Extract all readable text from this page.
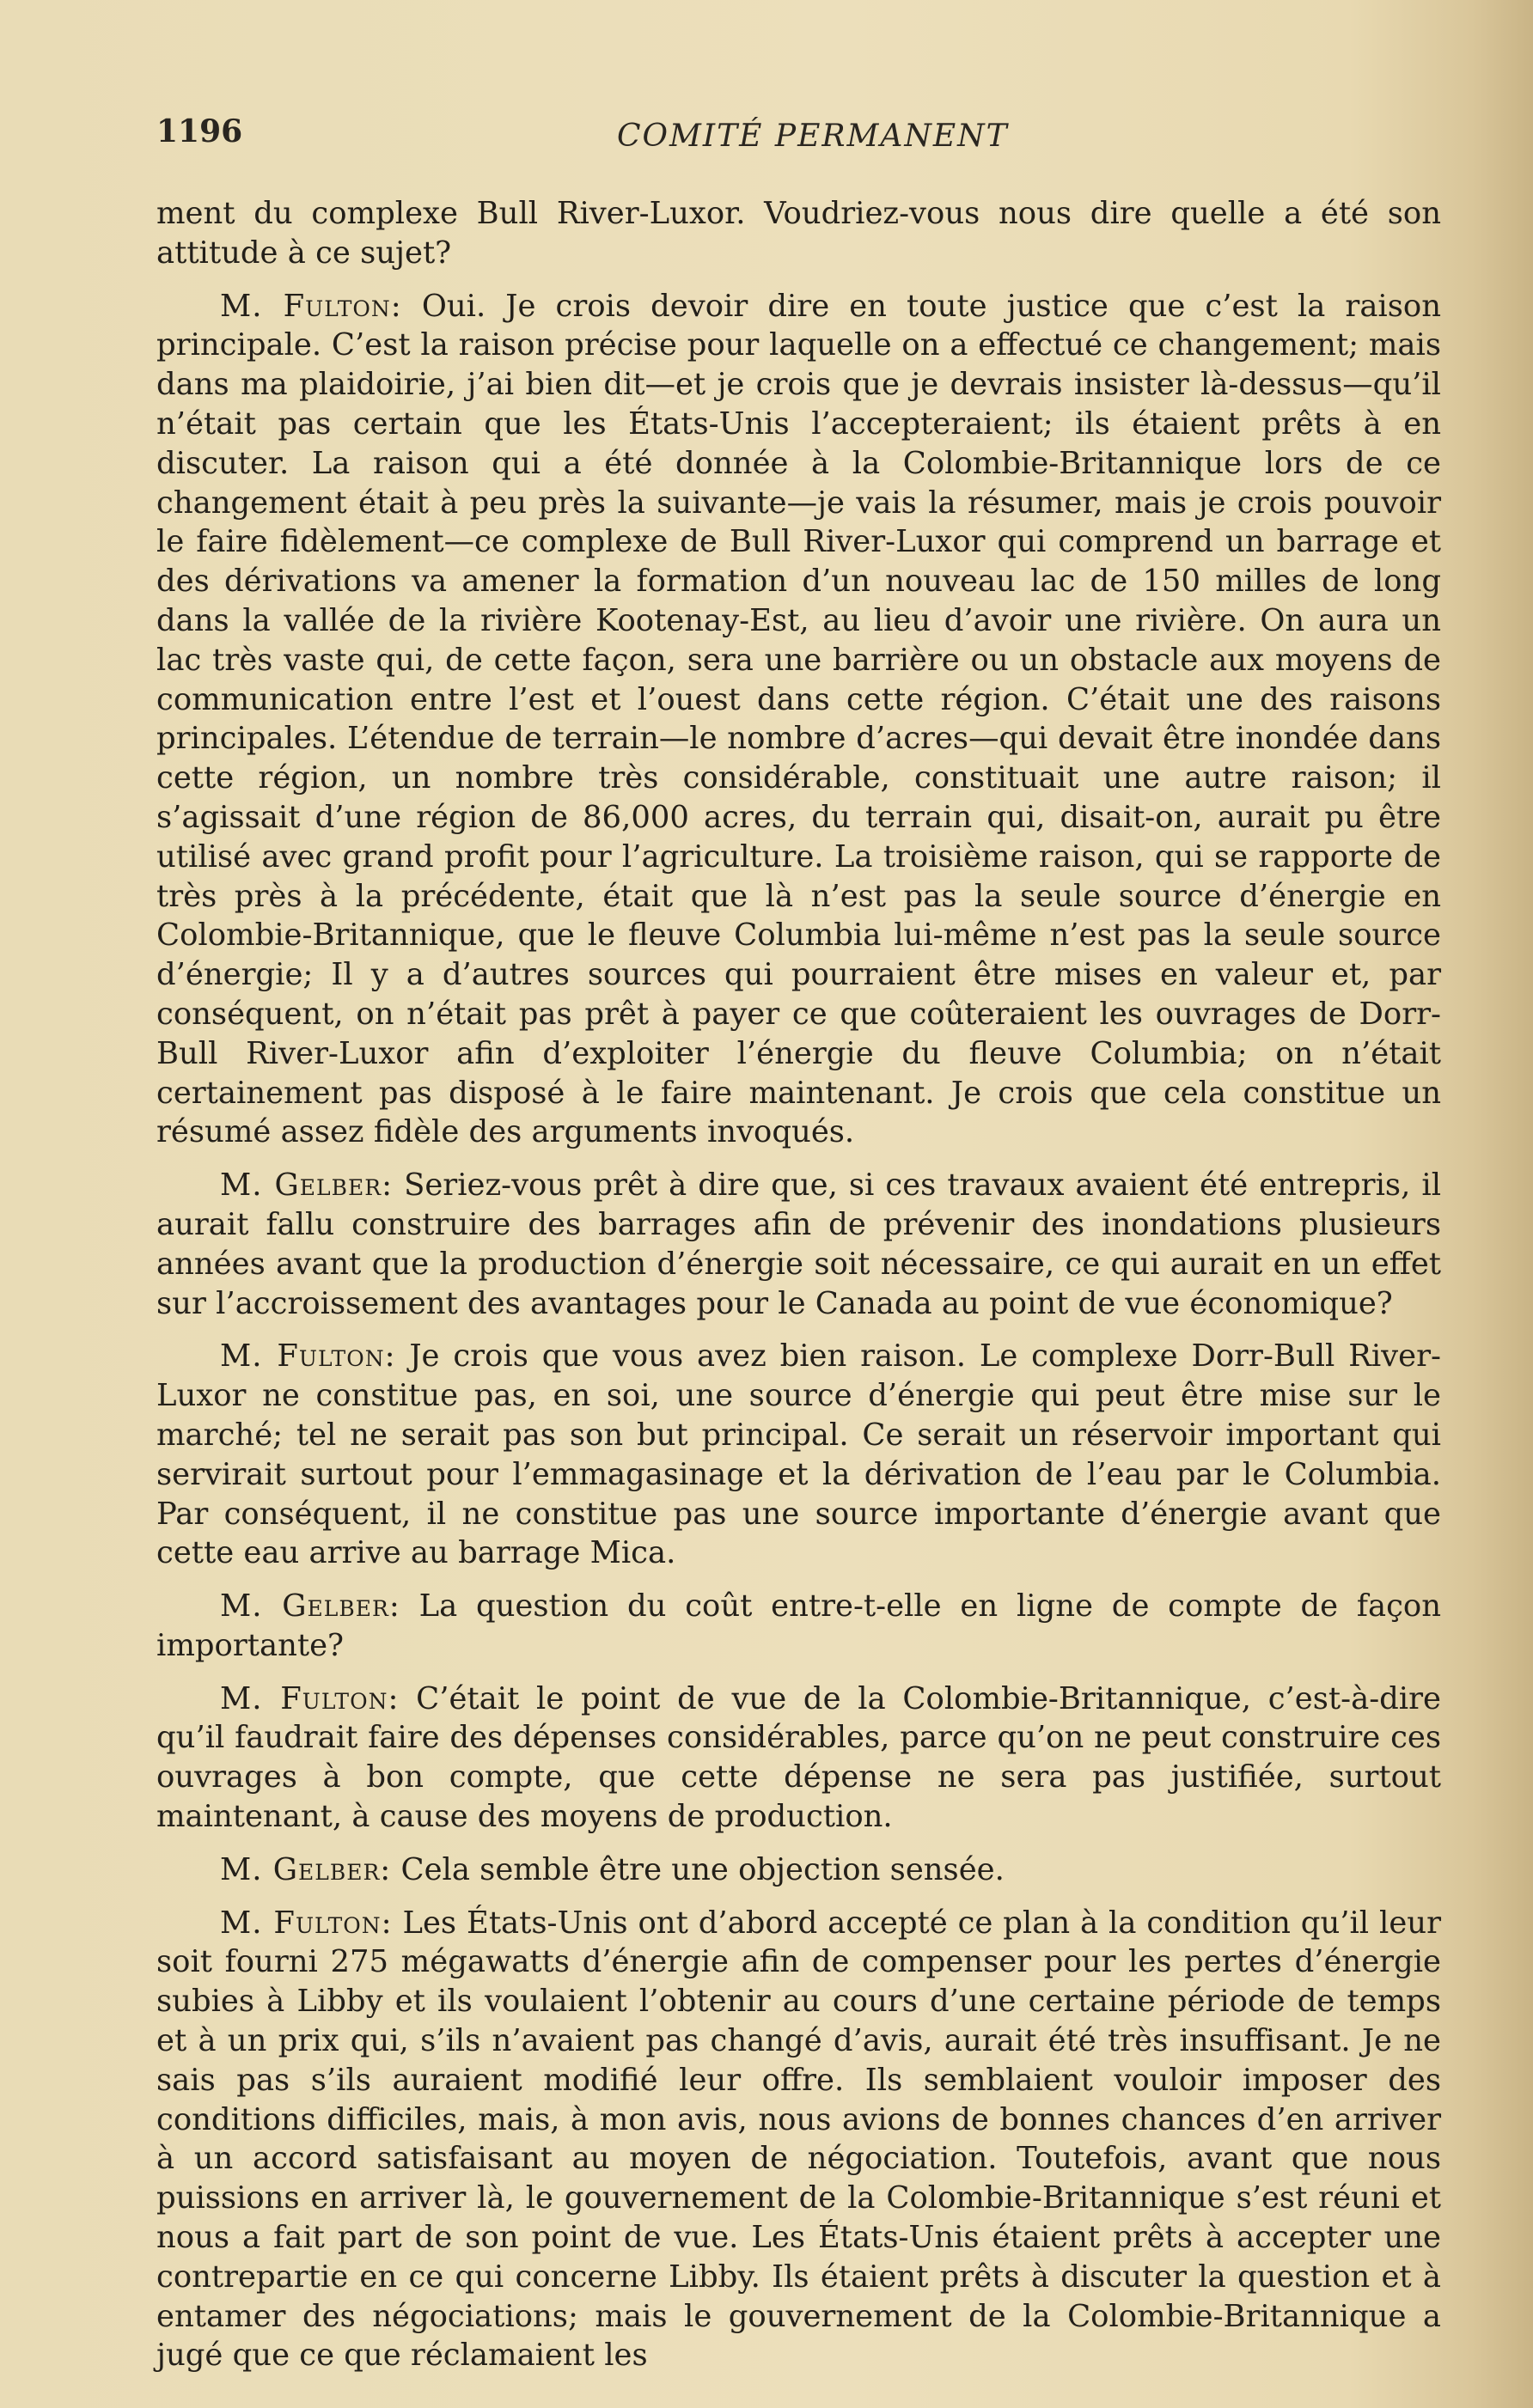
1196	COMITÉ PERMANENT

ment du complexe Bull River-Luxor. Voudriez-vous nous dire quelle a été son attitude à ce sujet?

M. Fulton: Oui. Je crois devoir dire en toute justice que c’est la raison principale. C’est la raison précise pour laquelle on a effectué ce changement; mais dans ma plaidoirie, j’ai bien dit—et je crois que je devrais insister là-dessus—qu’il n’était pas certain que les États-Unis l’accepteraient; ils étaient prêts à en discuter. La raison qui a été donnée à la Colombie-Britannique lors de ce changement était à peu près la suivante—je vais la résumer, mais je crois pouvoir le faire fidèlement—ce complexe de Bull River-Luxor qui comprend un barrage et des dérivations va amener la formation d’un nouveau lac de 150 milles de long dans la vallée de la rivière Kootenay-Est, au lieu d’avoir une rivière. On aura un lac très vaste qui, de cette façon, sera une barrière ou un obstacle aux moyens de communication entre l’est et l’ouest dans cette région. C’était une des raisons principales. L’étendue de terrain—le nombre d’acres—qui devait être inondée dans cette région, un nombre très considérable, constituait une autre raison; il s’agissait d’une région de 86,000 acres, du terrain qui, disait-on, aurait pu être utilisé avec grand profit pour l’agriculture. La troisième raison, qui se rapporte de très près à la précédente, était que là n’est pas la seule source d’énergie en Colombie-Britannique, que le fleuve Columbia lui-même n’est pas la seule source d’énergie; Il y a d’autres sources qui pourraient être mises en valeur et, par conséquent, on n’était pas prêt à payer ce que coûteraient les ouvrages de Dorr-Bull River-Luxor afin d’exploiter l’énergie du fleuve Columbia; on n’était certainement pas disposé à le faire maintenant. Je crois que cela constitue un résumé assez fidèle des arguments invoqués.

M. Gelber: Seriez-vous prêt à dire que, si ces travaux avaient été entrepris, il aurait fallu construire des barrages afin de prévenir des inondations plusieurs années avant que la production d’énergie soit nécessaire, ce qui aurait en un effet sur l’accroissement des avantages pour le Canada au point de vue économique?

M. Fulton: Je crois que vous avez bien raison. Le complexe Dorr-Bull River-Luxor ne constitue pas, en soi, une source d’énergie qui peut être mise sur le marché; tel ne serait pas son but principal. Ce serait un réservoir important qui servirait surtout pour l’emmagasinage et la dérivation de l’eau par le Columbia. Par conséquent, il ne constitue pas une source importante d’énergie avant que cette eau arrive au barrage Mica.

M. Gelber: La question du coût entre-t-elle en ligne de compte de façon importante?

M. Fulton: C’était le point de vue de la Colombie-Britannique, c’est-à-dire qu’il faudrait faire des dépenses considérables, parce qu’on ne peut construire ces ouvrages à bon compte, que cette dépense ne sera pas justifiée, surtout maintenant, à cause des moyens de production.

M. Gelber: Cela semble être une objection sensée.

M. Fulton: Les États-Unis ont d’abord accepté ce plan à la condition qu’il leur soit fourni 275 mégawatts d’énergie afin de compenser pour les pertes d’énergie subies à Libby et ils voulaient l’obtenir au cours d’une certaine période de temps et à un prix qui, s’ils n’avaient pas changé d’avis, aurait été très insuffisant. Je ne sais pas s’ils auraient modifié leur offre. Ils semblaient vouloir imposer des conditions difficiles, mais, à mon avis, nous avions de bonnes chances d’en arriver à un accord satisfaisant au moyen de négociation. Toutefois, avant que nous puissions en arriver là, le gouvernement de la Colombie-Britannique s’est réuni et nous a fait part de son point de vue. Les États-Unis étaient prêts à accepter une contrepartie en ce qui concerne Libby. Ils étaient prêts à discuter la question et à entamer des négociations; mais le gouvernement de la Colombie-Britannique a jugé que ce que réclamaient les
